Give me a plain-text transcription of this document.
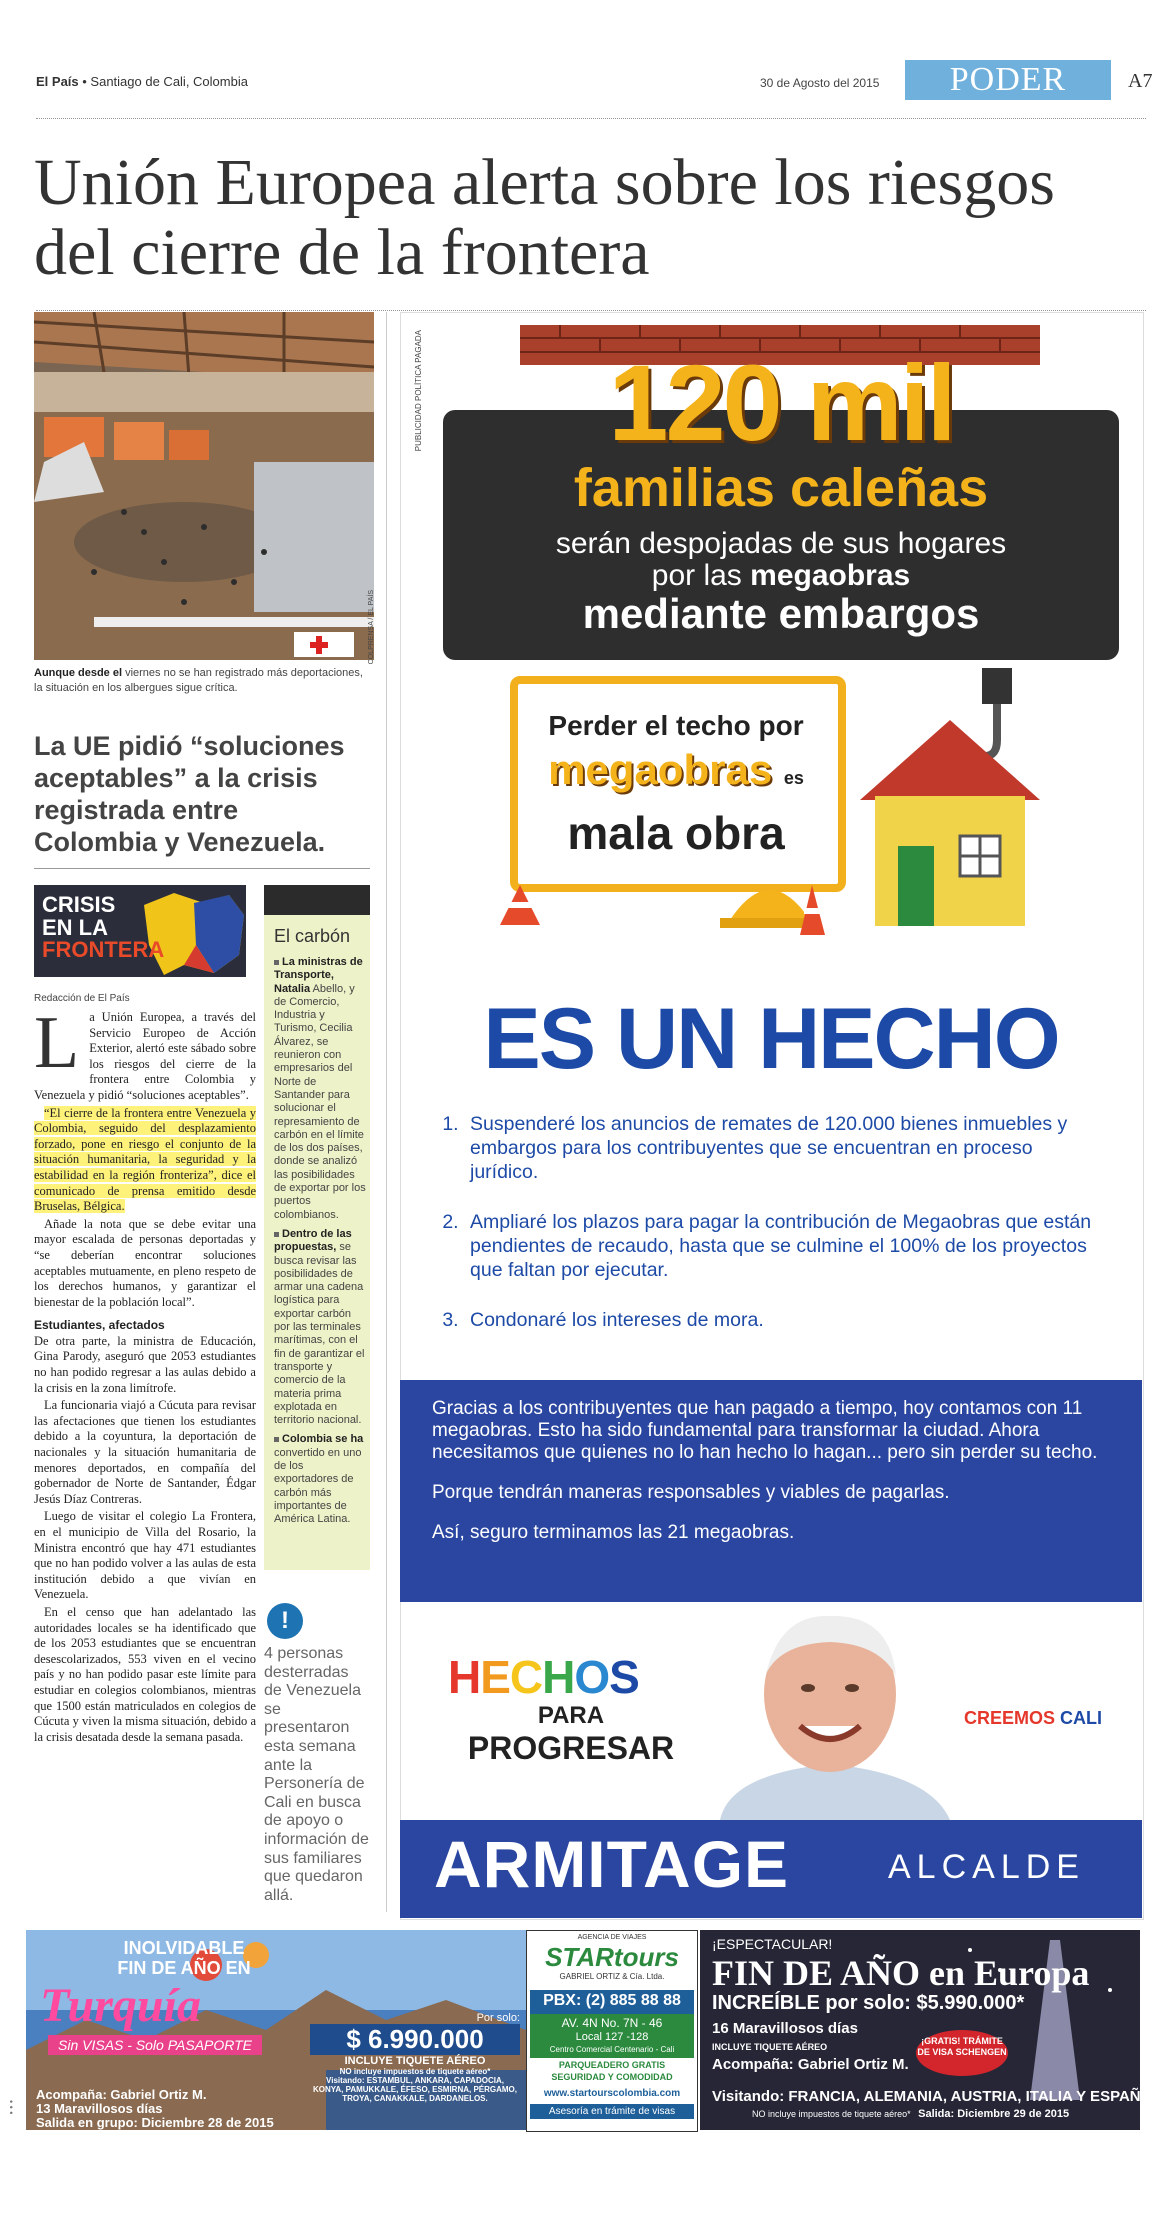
El País • Santiago de Cali, Colombia	30 de Agosto del 2015	PODER	A7
Unión Europea alerta sobre los riesgos del cierre de la frontera
COLPRENSA / EL PAÍS
Aunque desde el viernes no se han registrado más deportaciones, la situación en los albergues sigue crítica.
La UE pidió “soluciones aceptables” a la crisis registrada entre Colombia y Venezuela.
CRISIS
EN LA
FRONTERA
Redacción de El País

La Unión Europea, a través del Servicio Europeo de Acción Exterior, alertó este sábado sobre los riesgos del cierre de la frontera entre Colombia y Venezuela y pidió “soluciones aceptables”.

“El cierre de la frontera entre Venezuela y Colombia, seguido del desplazamiento forzado, pone en riesgo el conjunto de la situación humanitaria, la seguridad y la estabilidad en la región fronteriza”, dice el comunicado de prensa emitido desde Bruselas, Bélgica.

Añade la nota que se debe evitar una mayor escalada de personas deportadas y “se deberían encontrar soluciones aceptables mutuamente, en pleno respeto de los derechos humanos, y garantizar el bienestar de la población local”.

Estudiantes, afectados

De otra parte, la ministra de Educación, Gina Parody, aseguró que 2053 estudiantes no han podido regresar a las aulas debido a la crisis en la zona limítrofe.

La funcionaria viajó a Cúcuta para revisar las afectaciones que tienen los estudiantes debido a la coyuntura, la deportación de nacionales y la situación humanitaria de menores deportados, en compañía del gobernador de Norte de Santander, Édgar Jesús Díaz Contreras.

Luego de visitar el colegio La Frontera, en el municipio de Villa del Rosario, la Ministra encontró que hay 471 estudiantes que no han podido volver a las aulas de esta institución debido a que vivían en Venezuela.

En el censo que han adelantado las autoridades locales se ha identificado que de los 2053 estudiantes que se encuentran desescolarizados, 553 viven en el vecino país y no han podido pasar este límite para estudiar en colegios colombianos, mientras que 1500 están matriculados en colegios de Cúcuta y viven la misma situación, debido a la crisis desatada desde la semana pasada.

El carbón

La ministras de Transporte, Natalia Abello, y de Comercio, Industria y Turismo, Cecilia Álvarez, se reunieron con empresarios del Norte de Santander para solucionar el represamiento de carbón en el límite de los dos países, donde se analizó las posibilidades de exportar por los puertos colombianos.

Dentro de las propuestas, se busca revisar las posibilidades de armar una cadena logística para exportar carbón por las terminales marítimas, con el fin de garantizar el transporte y comercio de la materia prima explotada en territorio nacional.

Colombia se ha convertido en uno de los exportadores de carbón más importantes de América Latina.

!
4 personas desterradas de Venezuela se presentaron esta semana ante la Personería de Cali en busca de apoyo o información de sus familiares que quedaron allá.
PUBLICIDAD POLÍTICA PAGADA	120 mil
familias caleñas
serán despojadas de sus hogares
por las megaobras
mediante embargos
Perder el techo por
megaobras es
mala obra
ES UN HECHO
1. Suspenderé los anuncios de remates de 120.000 bienes inmuebles y embargos para los contribuyentes que se encuentran en proceso jurídico.
2. Ampliaré los plazos para pagar la contribución de Megaobras que están pendientes de recaudo, hasta que se culmine el 100% de los proyectos que faltan por ejecutar.
3. Condonaré los intereses de mora.

Gracias a los contribuyentes que han pagado a tiempo, hoy contamos con 11 megaobras. Esto ha sido fundamental para transformar la ciudad. Ahora necesitamos que quienes no lo han hecho lo hagan... pero sin perder su techo.

Porque tendrán maneras responsables y viables de pagarlas.

Así, seguro terminamos las 21 megaobras.

HECHOS
PARA
PROGRESAR
CREEMOS CALI
ARMITAGE	ALCALDE
INOLVIDABLE
FIN DE AÑO EN
Turquía
Sin VISAS - Solo PASAPORTE
Acompaña: Gabriel Ortiz M.
13 Maravillosos días
Salida en grupo: Diciembre 28 de 2015
Por solo:
$ 6.990.000
INCLUYE TIQUETE AÉREO
NO incluye impuestos de tiquete aéreo*
Visitando: ESTAMBUL, ANKARA, CAPADOCIA, KONYA, PAMUKKALE, ÉFESO, ESMIRNA, PÉRGAMO, TROYA, CANAKKALE, DARDANELOS.
AGENCIA DE VIAJES
STARtours
GABRIEL ORTIZ & Cía. Ltda.
PBX: (2) 885 88 88
AV. 4N No. 7N - 46
Local 127 -128
Centro Comercial Centenario - Cali
PARQUEADERO GRATIS
SEGURIDAD Y COMODIDAD
www.startourscolombia.com
Asesoría en trámite de visas
¡ESPECTACULAR!
FIN DE AÑO en Europa
INCREÍBLE por solo: $5.990.000*
16 Maravillosos días
INCLUYE TIQUETE AÉREO
Acompaña: Gabriel Ortiz M.
¡GRATIS! TRÁMITE DE VISA SCHENGEN
Visitando: FRANCIA, ALEMANIA, AUSTRIA, ITALIA Y ESPAÑA
NO incluye impuestos de tiquete aéreo* Salida: Diciembre 29 de 2015
• • •
